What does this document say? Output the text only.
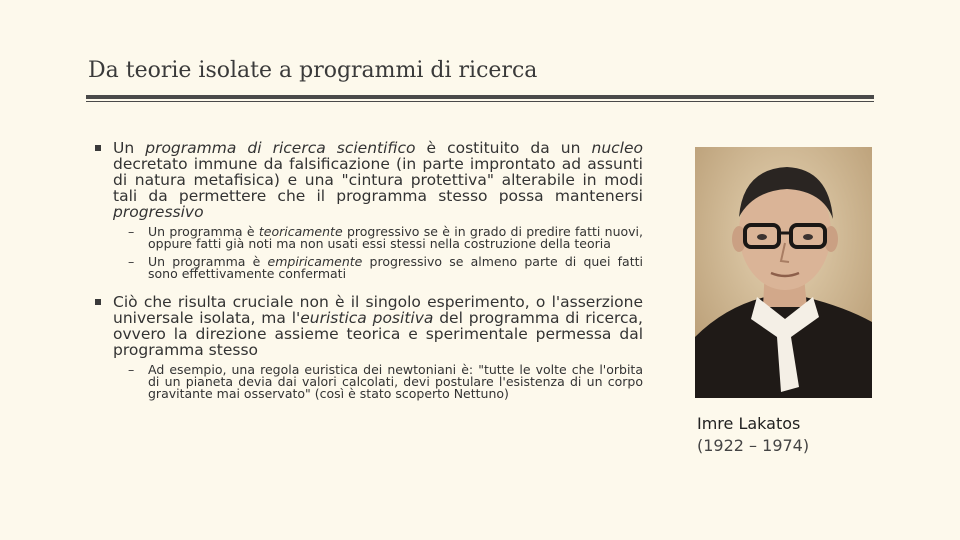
Da teorie isolate a programmi di ricerca
Un programma di ricerca scientifico è costituito da un nucleo decretato immune da falsificazione (in parte improntato ad assunti di natura metafisica) e una "cintura protettiva" alterabile in modi tali da permettere che il programma stesso possa mantenersi progressivo
– Un programma è teoricamente progressivo se è in grado di predire fatti nuovi, oppure fatti già noti ma non usati essi stessi nella costruzione della teoria
– Un programma è empiricamente progressivo se almeno parte di quei fatti sono effettivamente confermati
Ciò che risulta cruciale non è il singolo esperimento, o l'asserzione universale isolata, ma l'euristica positiva del programma di ricerca, ovvero la direzione assieme teorica e sperimentale permessa dal programma stesso
– Ad esempio, una regola euristica dei newtoniani è: "tutte le volte che l'orbita di un pianeta devia dai valori calcolati, devi postulare l'esistenza di un corpo gravitante mai osservato" (così è stato scoperto Nettuno)
Imre Lakatos
(1922 – 1974)
